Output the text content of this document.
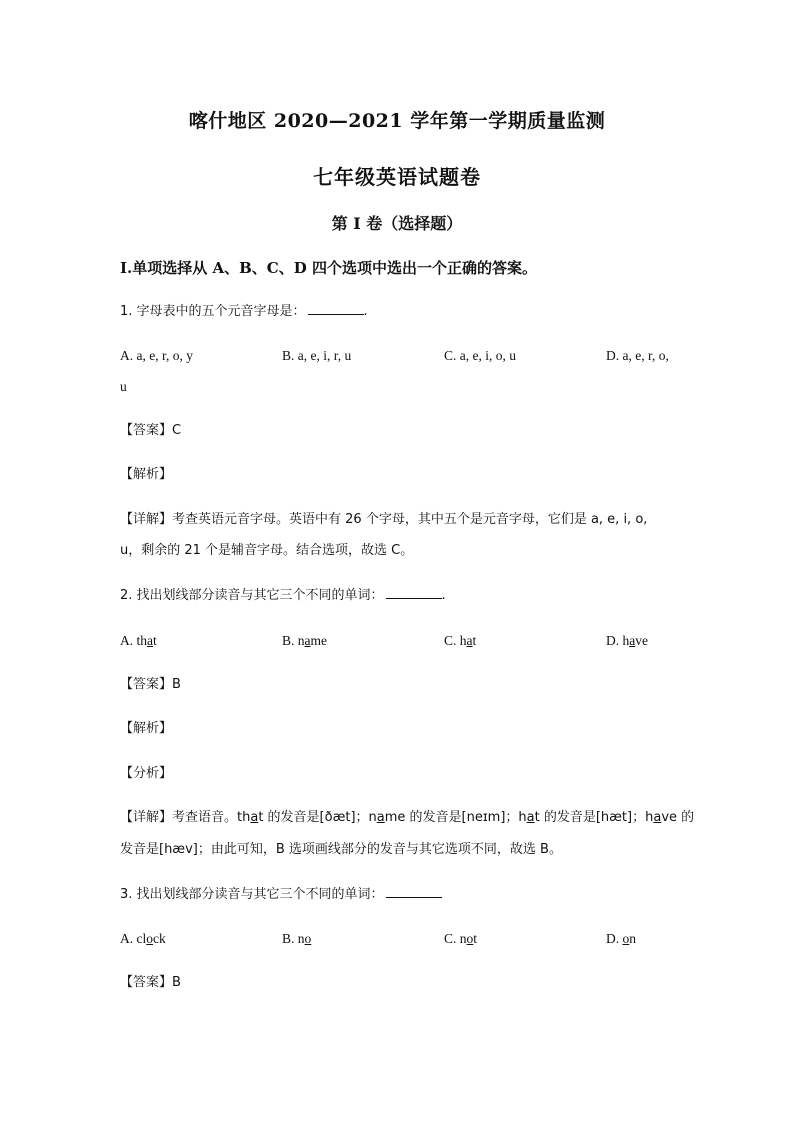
喀什地区 2020—2021 学年第一学期质量监测
七年级英语试题卷
第 I 卷（选择题）
I.单项选择从 A、B、C、D 四个选项中选出一个正确的答案。
1. 字母表中的五个元音字母是：	.
A. a, e, r, o, y	B. a, e, i, r, u	C. a, e, i, o, u	D. a, e, r, o,
u
【答案】C
【解析】
【详解】考查英语元音字母。英语中有 26 个字母，其中五个是元音字母，它们是 a, e, i, o,
u，剩余的 21 个是辅音字母。结合选项，故选 C。
2. 找出划线部分读音与其它三个不同的单词：	.
A. that	B. name	C. hat	D. have
【答案】B
【解析】
【分析】
【详解】考查语音。that 的发音是[ðæt]；name 的发音是[neɪm]；hat 的发音是[hæt]；have 的
发音是[hæv]；由此可知，B 选项画线部分的发音与其它选项不同，故选 B。
3. 找出划线部分读音与其它三个不同的单词：
A. clock	B. no	C. not	D. on
【答案】B
